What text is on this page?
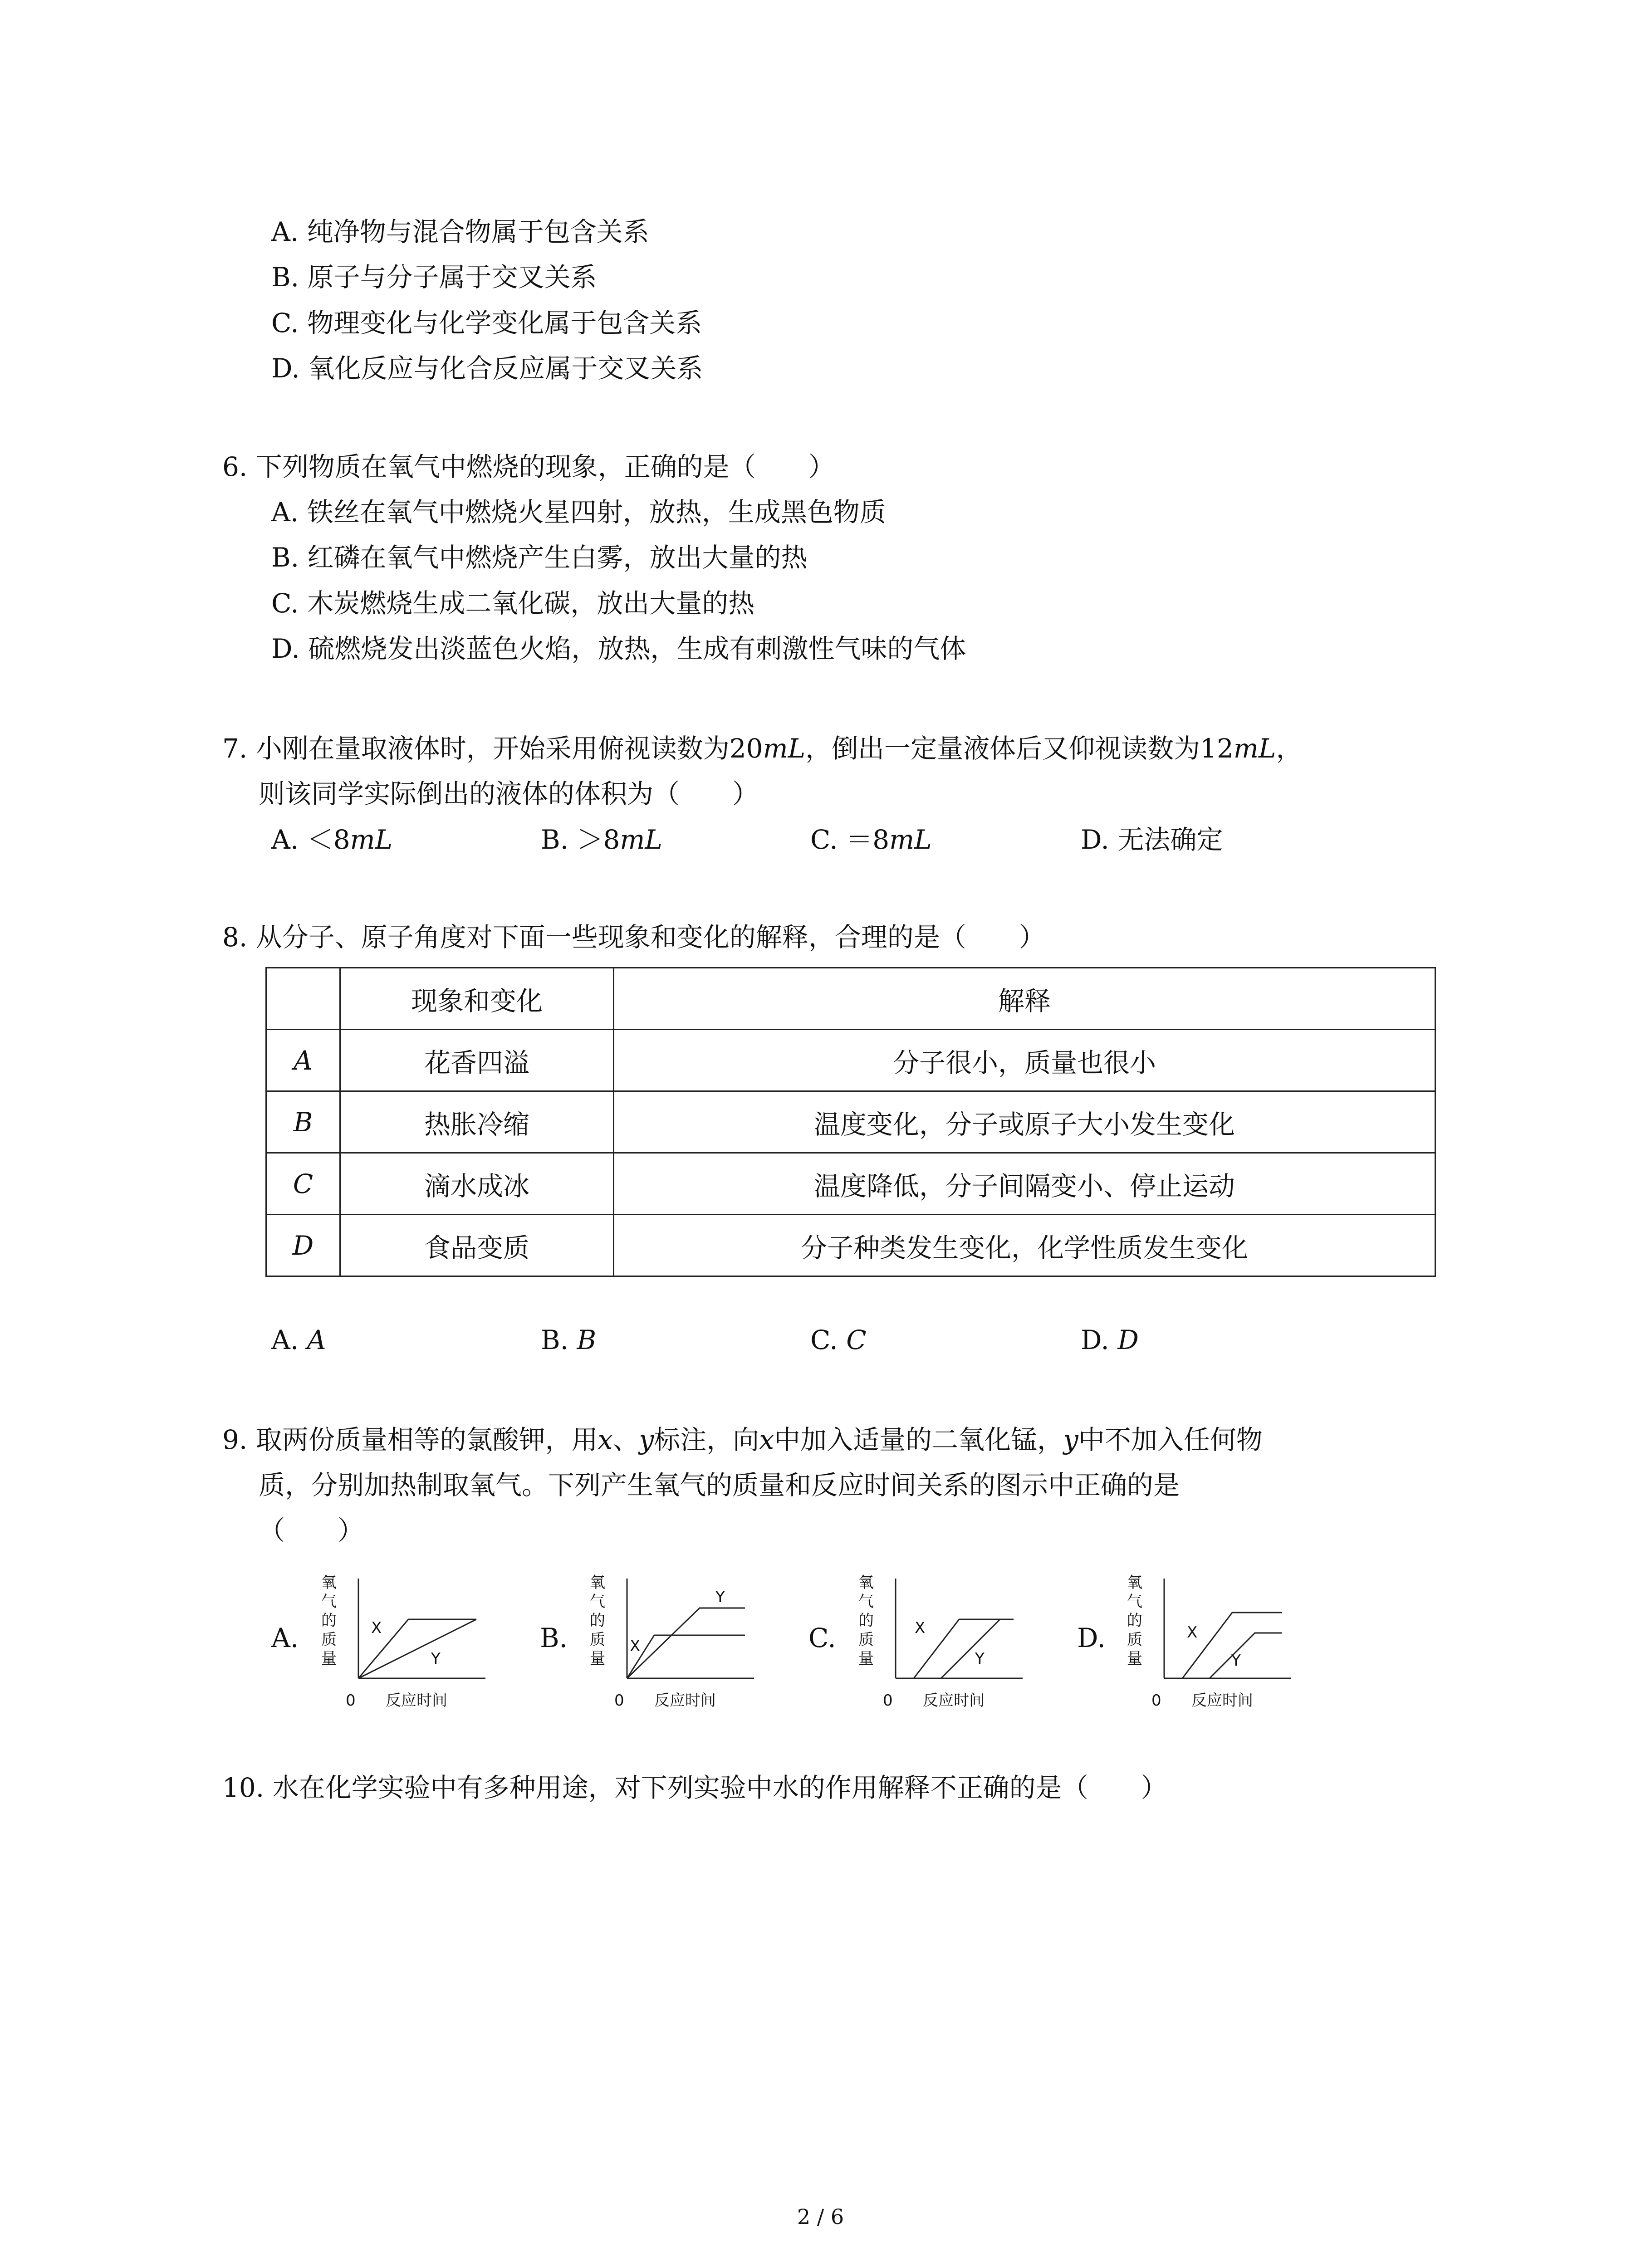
A. 纯净物与混合物属于包含关系
B. 原子与分子属于交叉关系
C. 物理变化与化学变化属于包含关系
D. 氧化反应与化合反应属于交叉关系
6. 下列物质在氧气中燃烧的现象，正确的是（　　）
A. 铁丝在氧气中燃烧火星四射，放热，生成黑色物质
B. 红磷在氧气中燃烧产生白雾，放出大量的热
C. 木炭燃烧生成二氧化碳，放出大量的热
D. 硫燃烧发出淡蓝色火焰，放热，生成有刺激性气味的气体
7. 小刚在量取液体时，开始采用俯视读数为20mL，倒出一定量液体后又仰视读数为12mL，
则该同学实际倒出的液体的体积为（　　）
A. ＜8mL	B. ＞8mL	C. ＝8mL	D. 无法确定
8. 从分子、原子角度对下面一些现象和变化的解释，合理的是（　　）
	现象和变化	解释
A	花香四溢	分子很小，质量也很小
B	热胀冷缩	温度变化，分子或原子大小发生变化
C	滴水成冰	温度降低，分子间隔变小、停止运动
D	食品变质	分子种类发生变化，化学性质发生变化
A. A	B. B	C. C	D. D
9. 取两份质量相等的氯酸钾，用x、y标注，向x中加入适量的二氧化锰，y中不加入任何物
质，分别加热制取氧气。下列产生氧气的质量和反应时间关系的图示中正确的是
（　　）
A.	B.	C.	D.
氧
气
的
质
量
0 反应时间
X
Y
氧
气
的
质
量
0 反应时间
X
Y
氧
气
的
质
量
0 反应时间
X
Y
氧
气
的
质
量
0 反应时间
X
Y
10. 水在化学实验中有多种用途，对下列实验中水的作用解释不正确的是（　　）
2 / 6
